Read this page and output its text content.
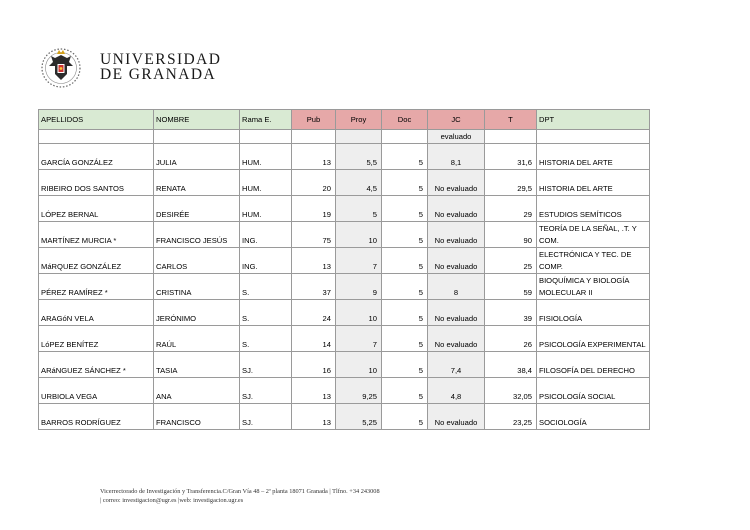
UNIVERSIDAD
DE GRANADA
APELLIDOS	NOMBRE	Rama E.	Pub	Proy	Doc	JC	T	DPT
						evaluado		
GARCÍA GONZÁLEZ	JULIA	HUM.	13	5,5	5	8,1	31,6	HISTORIA DEL ARTE
RIBEIRO DOS SANTOS	RENATA	HUM.	20	4,5	5	No evaluado	29,5	HISTORIA DEL ARTE
LÓPEZ BERNAL	DESIRÉE	HUM.	19	5	5	No evaluado	29	ESTUDIOS SEMÍTICOS
MARTÍNEZ MURCIA *	FRANCISCO JESÚS	ING.	75	10	5	No evaluado	90	TEORÍA DE LA SEÑAL, .T. Y COM.
MáRQUEZ GONZÁLEZ	CARLOS	ING.	13	7	5	No evaluado	25	ELECTRÓNICA Y TEC. DE COMP.
PÉREZ RAMÍREZ *	CRISTINA	S.	37	9	5	8	59	BIOQUÍMICA Y BIOLOGÍA MOLECULAR II
ARAGóN VELA	JERÓNIMO	S.	24	10	5	No evaluado	39	FISIOLOGÍA
LóPEZ BENÍTEZ	RAÚL	S.	14	7	5	No evaluado	26	PSICOLOGÍA EXPERIMENTAL
ARáNGUEZ SÁNCHEZ *	TASIA	SJ.	16	10	5	7,4	38,4	FILOSOFÍA DEL DERECHO
URBIOLA VEGA	ANA	SJ.	13	9,25	5	4,8	32,05	PSICOLOGÍA SOCIAL
BARROS RODRÍGUEZ	FRANCISCO	SJ.	13	5,25	5	No evaluado	23,25	SOCIOLOGÍA
Vicerrectorado de Investigación y Transferencia.C/Gran Vía 48 – 2ª planta 18071 Granada | Tlfno. +34 243008
| correo: investigacion@ugr.es |web: investigacion.ugr.es
